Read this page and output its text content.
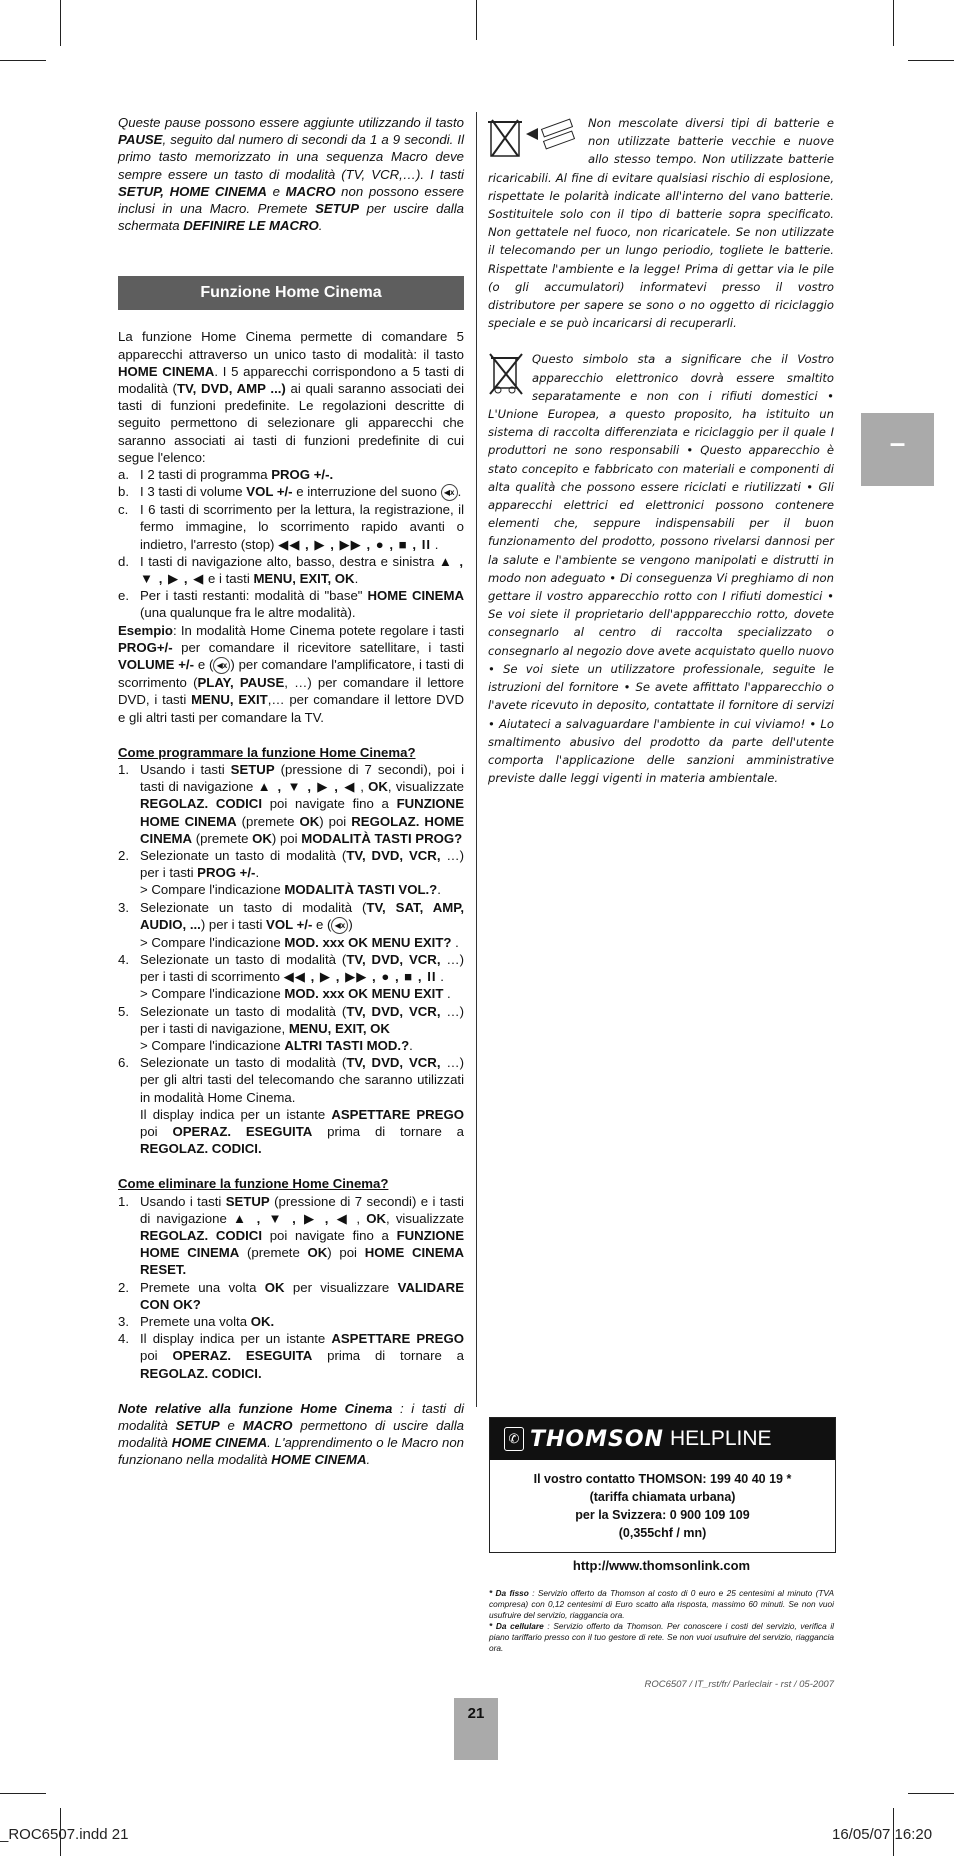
Queste pause possono essere aggiunte utilizzando il tasto PAUSE, seguito dal numero di secondi da 1 a 9 secondi. Il primo tasto memorizzato in una sequenza Macro deve sempre essere un tasto di modalità (TV, VCR,…). I tasti SETUP, HOME CINEMA e MACRO non possono essere inclusi in una Macro. Premete SETUP per uscire dalla schermata DEFINIRE LE MACRO.

Funzione Home Cinema

La funzione Home Cinema permette di comandare 5 apparecchi attraverso un unico tasto di modalità: il tasto HOME CINEMA. I 5 apparecchi corrispondono a 5 tasti di modalità (TV, DVD, AMP ...) ai quali saranno associati dei tasti di funzioni predefinite. Le regolazioni descritte di seguito permettono di selezionare gli apparecchi che saranno associati ai tasti di funzioni predefinite di cui segue l'elenco:

a. I 2 tasti di programma PROG +/-.
b. I 3 tasti di volume VOL +/- e interruzione del suono ◀x .
c. I 6 tasti di scorrimento per la lettura, la registrazione, il fermo immagine, lo scorrimento rapido avanti o indietro, l'arresto (stop) ◀◀ , ▶ , ▶▶ , ● , ■ , II .
d. I tasti di navigazione alto, basso, destra e sinistra ▲ , ▼ , ▶ , ◀ e i tasti MENU, EXIT, OK.
e. Per i tasti restanti: modalità di "base" HOME CINEMA (una qualunque fra le altre modalità).

Esempio: In modalità Home Cinema potete regolare i tasti PROG+/- per comandare il ricevitore satellitare, i tasti VOLUME +/- e ( ◀x ) per comandare l'amplificatore, i tasti di scorrimento (PLAY, PAUSE, …) per comandare il lettore DVD, i tasti MENU, EXIT,… per comandare il lettore DVD e gli altri tasti per comandare la TV.

Come programmare la funzione Home Cinema?

1. Usando i tasti SETUP (pressione di 7 secondi), poi i tasti di navigazione ▲ , ▼ , ▶ , ◀ , OK, visualizzate REGOLAZ. CODICI poi navigate fino a FUNZIONE HOME CINEMA (premete OK) poi REGOLAZ. HOME CINEMA (premete OK) poi MODALITÀ TASTI PROG?
2. Selezionate un tasto di modalità (TV, DVD, VCR, …) per i tasti PROG +/-.
> Compare l'indicazione MODALITÀ TASTI VOL.?.
3. Selezionate un tasto di modalità (TV, SAT, AMP, AUDIO, ...) per i tasti VOL +/- e ( ◀x )
> Compare l'indicazione MOD. xxx OK MENU EXIT? .
4. Selezionate un tasto di modalità (TV, DVD, VCR, …) per i tasti di scorrimento ◀◀ , ▶ , ▶▶ , ● , ■ , II .
> Compare l'indicazione MOD. xxx OK MENU EXIT .
5. Selezionate un tasto di modalità (TV, DVD, VCR, …) per i tasti di navigazione, MENU, EXIT, OK
> Compare l'indicazione ALTRI TASTI MOD.?.
6. Selezionate un tasto di modalità (TV, DVD, VCR, …) per gli altri tasti del telecomando che saranno utilizzati in modalità Home Cinema.
Il display indica per un istante ASPETTARE PREGO poi OPERAZ. ESEGUITA prima di tornare a REGOLAZ. CODICI.

Come eliminare la funzione Home Cinema?

1. Usando i tasti SETUP (pressione di 7 secondi) e i tasti di navigazione ▲ , ▼ , ▶ , ◀ , OK, visualizzate REGOLAZ. CODICI poi navigate fino a FUNZIONE HOME CINEMA (premete OK) poi HOME CINEMA RESET.
2. Premete una volta OK per visualizzare VALIDARE CON OK?
3. Premete una volta OK.
4. Il display indica per un istante ASPETTARE PREGO poi OPERAZ. ESEGUITA prima di tornare a REGOLAZ. CODICI.

Note relative alla funzione Home Cinema : i tasti di modalità SETUP e MACRO permettono di uscire dalla modalità HOME CINEMA. L'apprendimento o le Macro non funzionano nella modalità HOME CINEMA.

Non mescolate diversi tipi di batterie e non utilizzate batterie vecchie e nuove allo stesso tempo. Non utilizzate batterie ricaricabili. Al fine di evitare qualsiasi rischio di esplosione, rispettate le polarità indicate all'interno del vano batterie. Sostituitele solo con il tipo di batterie sopra specificato. Non gettatele nel fuoco, non ricaricatele. Se non utilizzate il telecomando per un lungo periodio, togliete le batterie. Rispettate l'ambiente e la legge! Prima di gettar via le pile (o gli accumulatori) informatevi presso il vostro distributore per sapere se sono o no oggetto di riciclaggio speciale e se può incaricarsi di recuperarli.

Questo simbolo sta a significare che il Vostro apparecchio elettronico dovrà essere smaltito separatamente e non con i rifiuti domestici • L'Unione Europea, a questo proposito, ha istituito un sistema di raccolta differenziata e riciclaggio per il quale I produttori ne sono responsabili • Questo apparecchio è stato concepito e fabbricato con materiali e componenti di alta qualità che possono essere riciclati e riutilizzati • Gli apparecchi elettrici ed elettronici possono contenere elementi che, seppure indispensabili per il buon funzionamento del prodotto, possono rivelarsi dannosi per la salute e l'ambiente se vengono manipolati e distrutti in modo non adeguato • Di conseguenza Vi preghiamo di non gettare il vostro apparecchio rotto con I rifiuti domestici • Se voi siete il proprietario dell'appparecchio rotto, dovete consegnarlo al centro di raccolta specializzato o consegnarlo al negozio dove avete acquistato quello nuovo • Se voi siete un utilizzatore professionale, seguite le istruzioni del fornitore • Se avete affittato l'apparecchio o l'avete ricevuto in deposito, contattate il fornitore di servizi • Aiutateci a salvaguardare l'ambiente in cui viviamo! • Lo smaltimento abusivo del prodotto da parte dell'utente comporta l'applicazione delle sanzioni amministrative previste dalle leggi vigenti in materia ambientale.

–
✆ THOMSON HELPLINE
Il vostro contatto THOMSON: 199 40 40 19 *
(tariffa chiamata urbana)
per la Svizzera: 0 900 109 109
(0,355chf / mn)
http://www.thomsonlink.com
* Da fisso : Servizio offerto da Thomson al costo di 0 euro e 25 centesimi al minuto (TVA compresa) con 0,12 centesimi di Euro scatto alla risposta, massimo 60 minuti. Se non vuoi usufruire del servizio, riaggancia ora.
* Da cellulare : Servizio offerto da Thomson. Per conoscere i costi del servizio, verifica il piano tariffario presso con il tuo gestore di rete. Se non vuoi usufruire del servizio, riaggancia ora.
ROC6507 / IT_rst/fr/ Parleclair - rst / 05-2007
21
_ROC6507.indd 21	16/05/07 16:20
